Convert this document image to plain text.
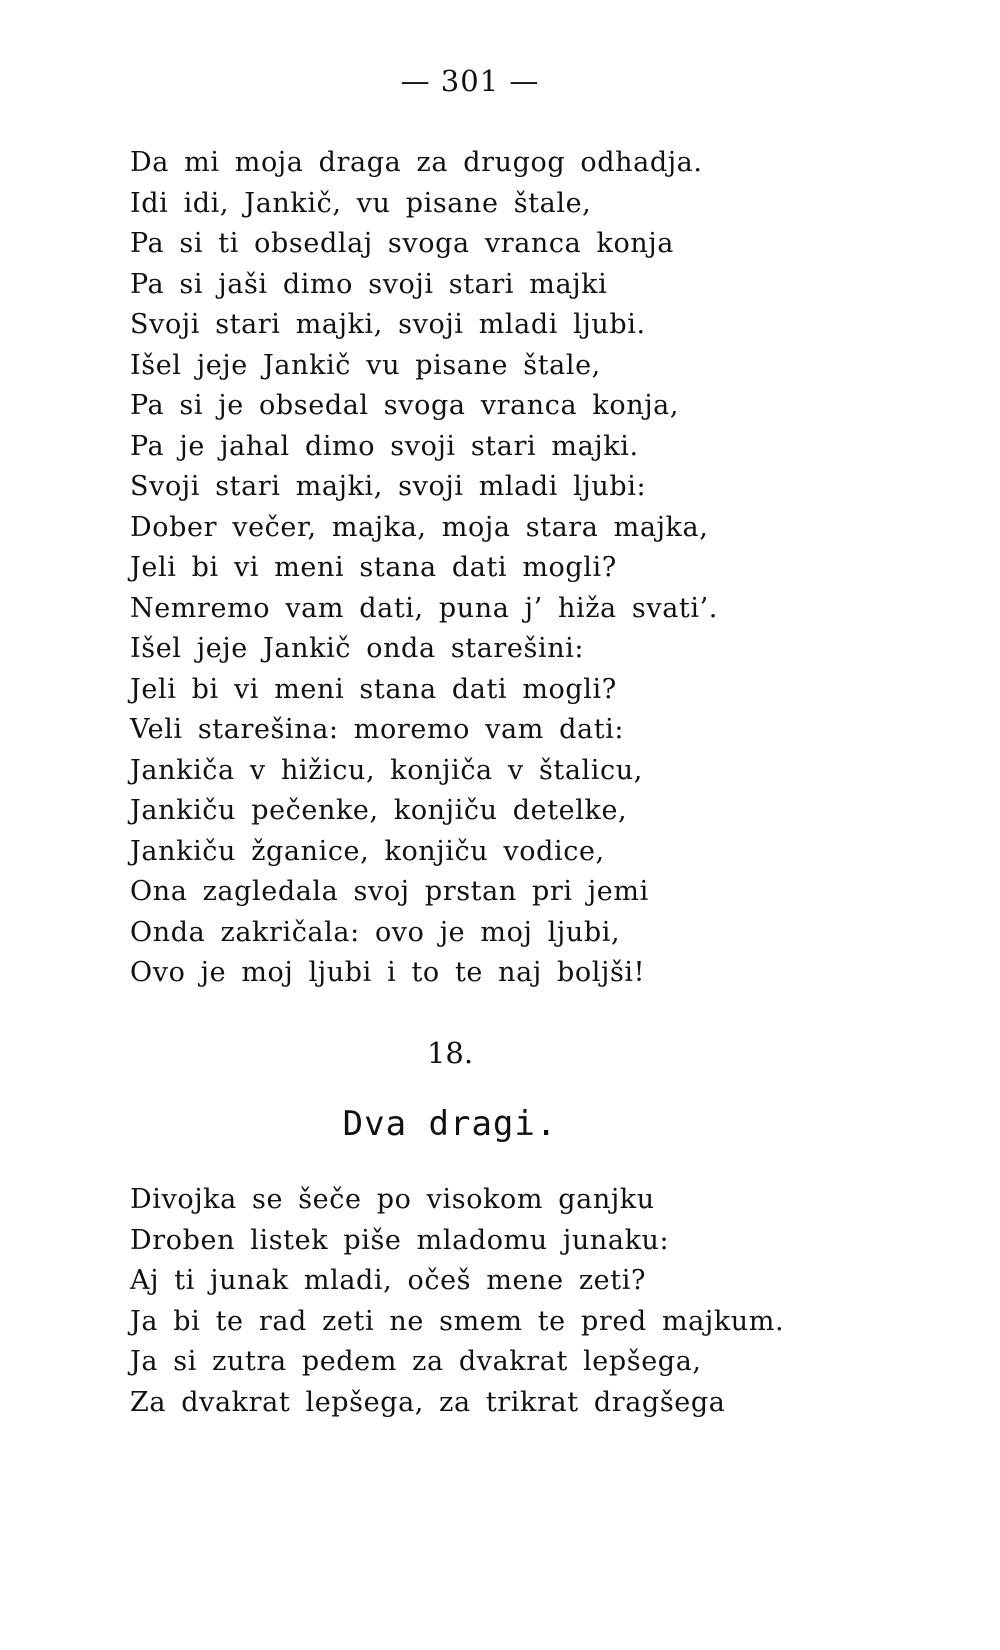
— 301 —
Da mi moja draga za drugog odhadja.
Idi idi, Jankič, vu pisane štale,
Pa si ti obsedlaj svoga vranca konja
Pa si jaši dimo svoji stari majki
Svoji stari majki, svoji mladi ljubi.
Išel jeje Jankič vu pisane štale,
Pa si je obsedal svoga vranca konja,
Pa je jahal dimo svoji stari majki.
Svoji stari majki, svoji mladi ljubi:
Dober večer, majka, moja stara majka,
Jeli bi vi meni stana dati mogli?
Nemremo vam dati, puna j’ hiža svati’.
Išel jeje Jankič onda starešini:
Jeli bi vi meni stana dati mogli?
Veli starešina: moremo vam dati:
Jankiča v hižicu, konjiča v štalicu,
Jankiču pečenke, konjiču detelke,
Jankiču žganice, konjiču vodice,
Ona zagledala svoj prstan pri jemi
Onda zakričala: ovo je moj ljubi,
Ovo je moj ljubi i to te naj boljši!
18.
Dva dragi.
Divojka se šeče po visokom ganjku
Droben listek piše mladomu junaku:
Aj ti junak mladi, očeš mene zeti?
Ja bi te rad zeti ne smem te pred majkum.
Ja si zutra pedem za dvakrat lepšega,
Za dvakrat lepšega, za trikrat dragšega
